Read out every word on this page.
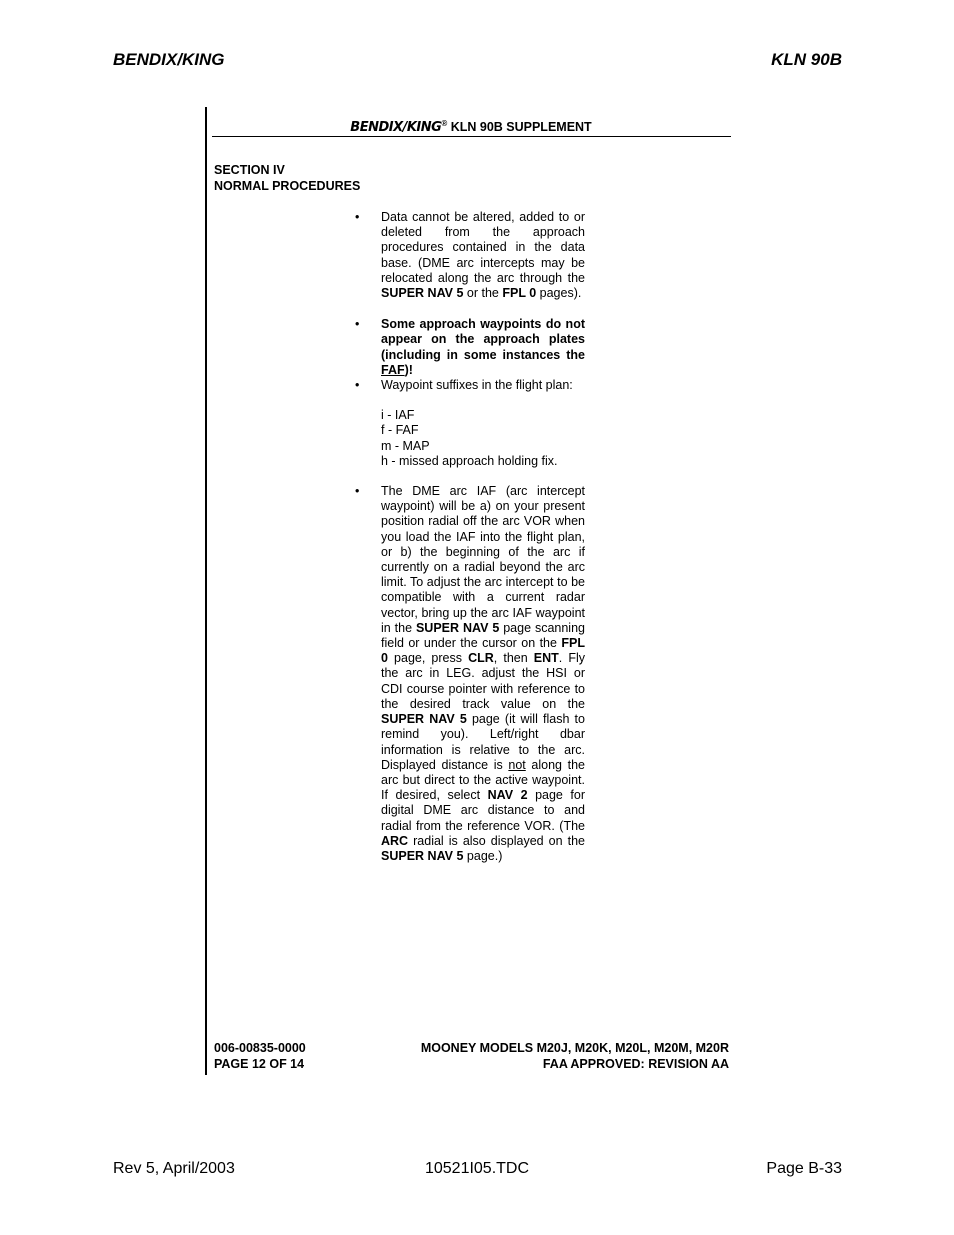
BENDIX/KING	KLN 90B
BENDIX/KING® KLN 90B SUPPLEMENT
SECTION IV
NORMAL PROCEDURES
• Data cannot be altered, added to or deleted from the approach procedures contained in the data base. (DME arc intercepts may be relocated along the arc through the SUPER NAV 5 or the FPL 0 pages).
• Some approach waypoints do not appear on the approach plates (including in some instances the FAF)!
• Waypoint suffixes in the flight plan:
i - IAF
f - FAF
m - MAP
h - missed approach holding fix.
• The DME arc IAF (arc intercept waypoint) will be a) on your present position radial off the arc VOR when you load the IAF into the flight plan, or b) the beginning of the arc if currently on a radial beyond the arc limit. To adjust the arc intercept to be compatible with a current radar vector, bring up the arc IAF waypoint in the SUPER NAV 5 page scanning field or under the cursor on the FPL 0 page, press CLR, then ENT. Fly the arc in LEG. adjust the HSI or CDI course pointer with reference to the desired track value on the SUPER NAV 5 page (it will flash to remind you). Left/right dbar information is relative to the arc. Displayed distance is not along the arc but direct to the active waypoint. If desired, select NAV 2 page for digital DME arc distance to and radial from the reference VOR. (The ARC radial is also displayed on the SUPER NAV 5 page.)
006-00835-0000
PAGE 12 OF 14
MOONEY MODELS M20J, M20K, M20L, M20M, M20R
FAA APPROVED: REVISION AA
Rev 5, April/2003	10521I05.TDC	Page B-33
